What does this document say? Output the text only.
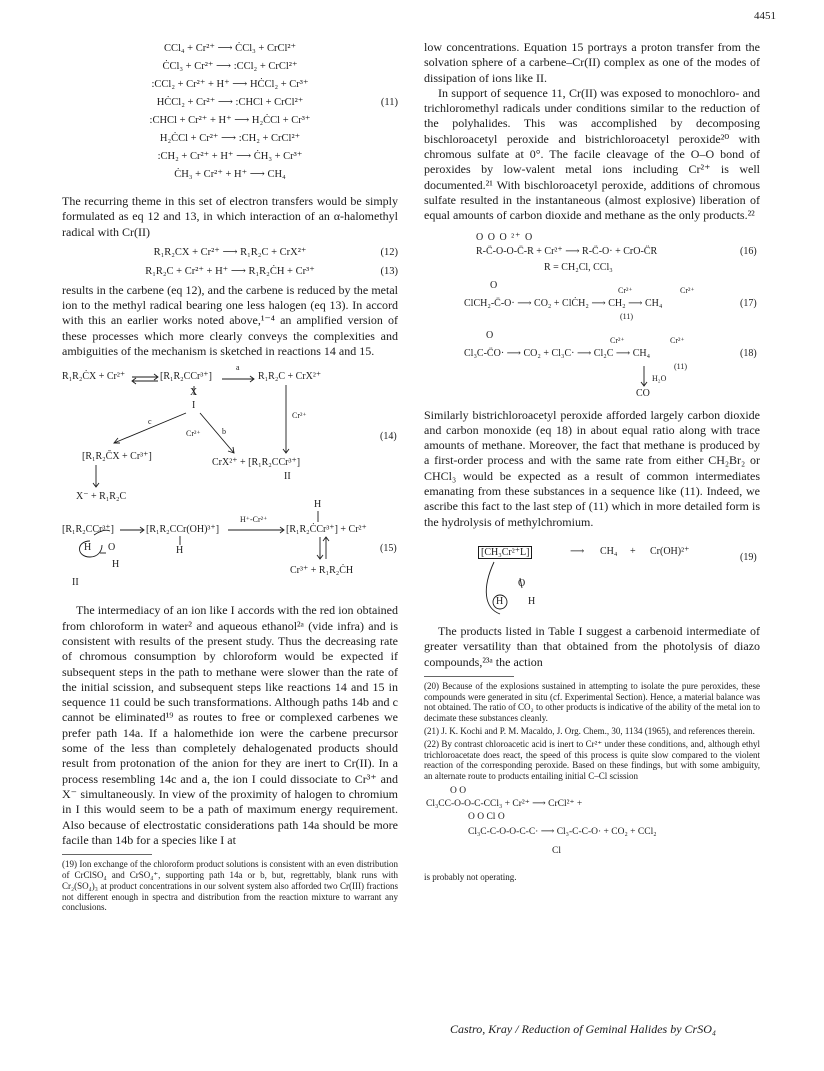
4451
CCl₄ + Cr²⁺ ⟶ ĊCl₃ + CrCl²⁺
ĊCl₃ + Cr²⁺ ⟶ :CCl₂ + CrCl²⁺
:CCl₂ + Cr²⁺ + H⁺ ⟶ HĊCl₂ + Cr³⁺
HĊCl₂ + Cr²⁺ ⟶ :CHCl + CrCl²⁺
:CHCl + Cr²⁺ + H⁺ ⟶ H₂ĊCl + Cr³⁺
H₂ĊCl + Cr²⁺ ⟶ :CH₂ + CrCl²⁺
:CH₂ + Cr²⁺ + H⁺ ⟶ ĊH₃ + Cr³⁺
ĊH₃ + Cr²⁺ + H⁺ ⟶ CH₄
(11)

The recurring theme in this set of electron transfers would be simply formulated as eq 12 and 13, in which interaction of an α-halomethyl radical with Cr(II)

R₁R₂CX + Cr²⁺ ⟶ R₁R₂C + CrX²⁺	(12)
R₁R₂C + Cr²⁺ + H⁺ ⟶ R₁R₂ĊH + Cr³⁺	(13)

results in the carbene (eq 12), and the carbene is reduced by the metal ion to the methyl radical bearing one less halogen (eq 13). In accord with this an earlier works noted above,¹⁻⁴ an amplified version of these processes which more clearly conveys the complexities and ambiguities of the mechanism is sketched in reactions 14 and 15.

R₁R₂ĊX + Cr²⁺	[R₁R₂CCr³⁺]
a
R₁R₂C + CrX²⁺
X
I
c
Cr²⁺	b
Cr²⁺
(14)
[R₁R₂C̄X + Cr³⁺]
CrX²⁺ + [R₁R₂CCr³⁺]
II
X⁻ + R₁R₂C
H
H⁺-Cr²⁺
[R₁R₂CCr³⁺]	[R₁R₂CCr(OH)³⁺]	[R₁R₂ĊCr³⁺] + Cr²⁺
H O	H
H
(15)
Cr³⁺ + R₁R₂ĊH
II

The intermediacy of an ion like I accords with the red ion obtained from chloroform in water² and aqueous ethanol²ᵃ (vide infra) and is consistent with results of the present study. Thus the decreasing rate of chromous consumption by chloroform would be expected if subsequent steps in the path to methane were slower than the rate of the initial scission, and subsequent steps like reactions 14 and 15 in sequence 11 could be such transformations. Although paths 14b and c cannot be eliminated¹⁹ as routes to free or complexed carbenes we prefer path 14a. If a halomethide ion were the carbene precursor some of the less than completely dehalogenated products should result from protonation of the anion for they are inert to Cr(II). In a process resembling 14c and a, the ion I could dissociate to Cr³⁺ and X⁻ simultaneously. In view of the proximity of halogen to chromium in I this would seem to be a path of maximum energy requirement. Also because of electrostatic considerations path 14a should be more facile than 14b for a species like I at

(19) Ion exchange of the chloroform product solutions is consistent with an even distribution of CrClSO₄ and CrSO₄⁺, supporting path 14a or b, but, regrettably, blank runs with Cr₂(SO₄)₃ at product concentrations in our solvent system also afforded two Cr(III) fractions not different enough in spectra and distribution from the reaction mixture to warrant any conclusions.

low concentrations. Equation 15 portrays a proton transfer from the solvation sphere of a carbene–Cr(II) complex as one of the modes of dissipation of ions like II.

In support of sequence 11, Cr(II) was exposed to monochloro- and trichloromethyl radicals under conditions similar to the reduction of the polyhalides. This was accomplished by decomposing bischloroacetyl peroxide and bistrichloroacetyl peroxide²⁰ with chromous sulfate at 0°. The facile cleavage of the O–O bond of peroxides by low-valent metal ions including Cr²⁺ is well documented.²¹ With bischloroacetyl peroxide, additions of chromous sulfate resulted in the instantaneous (almost explosive) liberation of equal amounts of carbon dioxide and methane as the only products.²²

O O O ²⁺ O
R-C̈-O-O-C̈-R + Cr²⁺ ⟶ R-C̈-O· + CrO-C̈R	(16)
R = CH₂Cl, CCl₃
O	Cr²⁺	Cr²⁺
ClCH₂-C̈-O· ⟶ CO₂ + ClĊH₂ ⟶ CH₂ ⟶ CH₄
(11)
(17)
O	Cr²⁺	Cr²⁺
Cl₃C-C̈O· ⟶ CO₂ + Cl₃C· ⟶ Cl₂C ⟶ CH₄
(11)
H₂O
CO
(18)

Similarly bistrichloroacetyl peroxide afforded largely carbon dioxide and carbon monoxide (eq 18) in about equal ratio along with trace amounts of methane. Moreover, the fact that methane is produced by a first-order process and with the same rate from either CH₂Br₂ or CHCl₃ would be expected as a result of common intermediates emanating from these substances in a sequence like (11). Indeed, we ascribe this fact to the last step of (11) which in more detailed form is the hydrolysis of methylchromium.

[CH₃Cr²⁺L]	⟶ CH₄ + Cr(OH)²⁺
(19)
O
H H

The products listed in Table I suggest a carbenoid intermediate of greater versatility than that obtained from the photolysis of diazo compounds,²³ᵃ the action

(20) Because of the explosions sustained in attempting to isolate the pure peroxides, these compounds were generated in situ (cf. Experimental Section). Hence, a material balance was not obtained. The ratio of CO₂ to other products is indicative of the ability of the metal ion to decimate these substances cleanly.

(21) J. K. Kochi and P. M. Macaldo, J. Org. Chem., 30, 1134 (1965), and references therein.

(22) By contrast chloroacetic acid is inert to Cr²⁺ under these conditions, and, although ethyl trichloroacetate does react, the speed of this process is quite slow compared to the violent reaction of the corresponding peroxide. Based on these findings, but with some ambiguity, an alternate route to products entailing initial C–Cl scission

O O
Cl₃CC-O-O-C-CCl₃ + Cr²⁺ ⟶ CrCl²⁺ +
O O Cl O
Cl₃C-C-O-O-C-C· ⟶ Cl₃-C-C-O· + CO₂ + CCl₂
Cl

is probably not operating.

Castro, Kray / Reduction of Geminal Halides by CrSO₄
